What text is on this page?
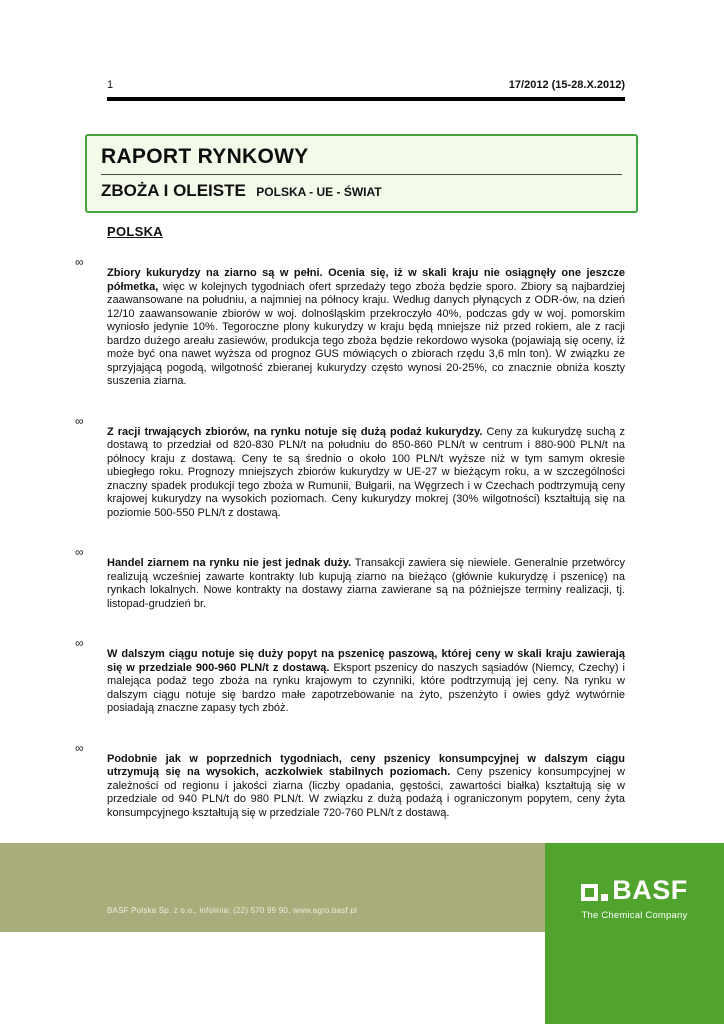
1	17/2012 (15-28.X.2012)
RAPORT RYNKOWY
ZBOŻA I OLEISTE POLSKA - UE - ŚWIAT
POLSKA
∞

Zbiory kukurydzy na ziarno są w pełni. Ocenia się, iż w skali kraju nie osiągnęły one jeszcze półmetka, więc w kolejnych tygodniach ofert sprzedaży tego zboża będzie sporo. Zbiory są najbardziej zaawansowane na południu, a najmniej na północy kraju. Według danych płynących z ODR-ów, na dzień 12/10 zaawansowanie zbiorów w woj. dolnośląskim przekroczyło 40%, podczas gdy w woj. pomorskim wyniosło jedynie 10%. Tegoroczne plony kukurydzy w kraju będą mniejsze niż przed rokiem, ale z racji bardzo dużego areału zasiewów, produkcja tego zboża będzie rekordowo wysoka (pojawiają się oceny, iż może być ona nawet wyższa od prognoz GUS mówiących o zbiorach rzędu 3,6 mln ton). W związku ze sprzyjającą pogodą, wilgotność zbieranej kukurydzy często wynosi 20-25%, co znacznie obniża koszty suszenia ziarna.

∞

Z racji trwających zbiorów, na rynku notuje się dużą podaż kukurydzy. Ceny za kukurydzę suchą z dostawą to przedział od 820-830 PLN/t na południu do 850-860 PLN/t w centrum i 880-900 PLN/t na północy kraju z dostawą. Ceny te są średnio o około 100 PLN/t wyższe niż w tym samym okresie ubiegłego roku. Prognozy mniejszych zbiorów kukurydzy w UE-27 w bieżącym roku, a w szczególności znaczny spadek produkcji tego zboża w Rumunii, Bułgarii, na Węgrzech i w Czechach podtrzymują ceny krajowej kukurydzy na wysokich poziomach. Ceny kukurydzy mokrej (30% wilgotności) kształtują się na poziomie 500-550 PLN/t z dostawą.

∞

Handel ziarnem na rynku nie jest jednak duży. Transakcji zawiera się niewiele. Generalnie przetwórcy realizują wcześniej zawarte kontrakty lub kupują ziarno na bieżąco (głównie kukurydzę i pszenicę) na rynkach lokalnych. Nowe kontrakty na dostawy ziarna zawierane są na późniejsze terminy realizacji, tj. listopad-grudzień br.

∞

W dalszym ciągu notuje się duży popyt na pszenicę paszową, której ceny w skali kraju zawierają się w przedziale 900-960 PLN/t z dostawą. Eksport pszenicy do naszych sąsiadów (Niemcy, Czechy) i malejąca podaż tego zboża na rynku krajowym to czynniki, które podtrzymują jej ceny. Na rynku w dalszym ciągu notuje się bardzo małe zapotrzebowanie na żyto, pszenżyto i owies gdyż wytwórnie posiadają znaczne zapasy tych zbóż.

∞

Podobnie jak w poprzednich tygodniach, ceny pszenicy konsumpcyjnej w dalszym ciągu utrzymują się na wysokich, aczkolwiek stabilnych poziomach. Ceny pszenicy konsumpcyjnej w zależności od regionu i jakości ziarna (liczby opadania, gęstości, zawartości białka) kształtują się w przedziale od 940 PLN/t do 980 PLN/t. W związku z dużą podażą i ograniczonym popytem, ceny żyta konsumpcyjnego kształtują się w przedziale 720-760 PLN/t z dostawą.

BASF Polska Sp. z o.o., infolinia: (22) 570 99 90, www.agro.basf.pl
BASF
The Chemical Company
